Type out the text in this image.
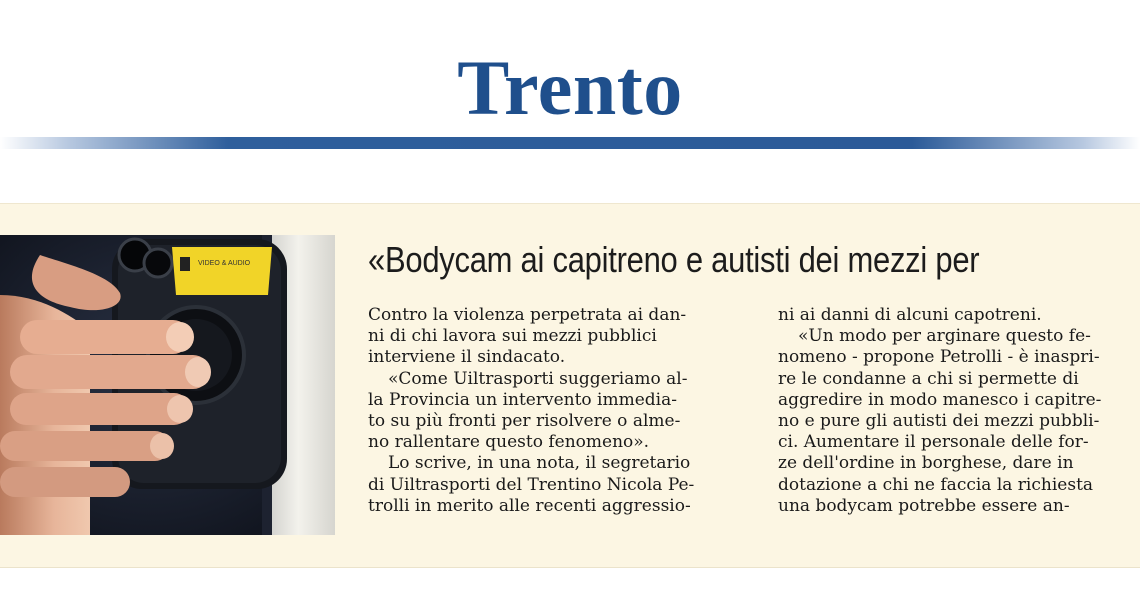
Trento
VIDEO & AUDIO	«Bodycam ai capitreno e autisti dei mezzi per
Contro la violenza perpetrata ai dan-
ni di chi lavora sui mezzi pubblici
interviene il sindacato.
«Come Uiltrasporti suggeriamo al-
la Provincia un intervento immedia-
to su più fronti per risolvere o alme-
no rallentare questo fenomeno».
Lo scrive, in una nota, il segretario
di Uiltrasporti del Trentino Nicola Pe-
trolli in merito alle recenti aggressio-
ni ai danni di alcuni capotreni.
«Un modo per arginare questo fe-
nomeno - propone Petrolli - è inaspri-
re le condanne a chi si permette di
aggredire in modo manesco i capitre-
no e pure gli autisti dei mezzi pubbli-
ci. Aumentare il personale delle for-
ze dell'ordine in borghese, dare in
dotazione a chi ne faccia la richiesta
una bodycam potrebbe essere an-
